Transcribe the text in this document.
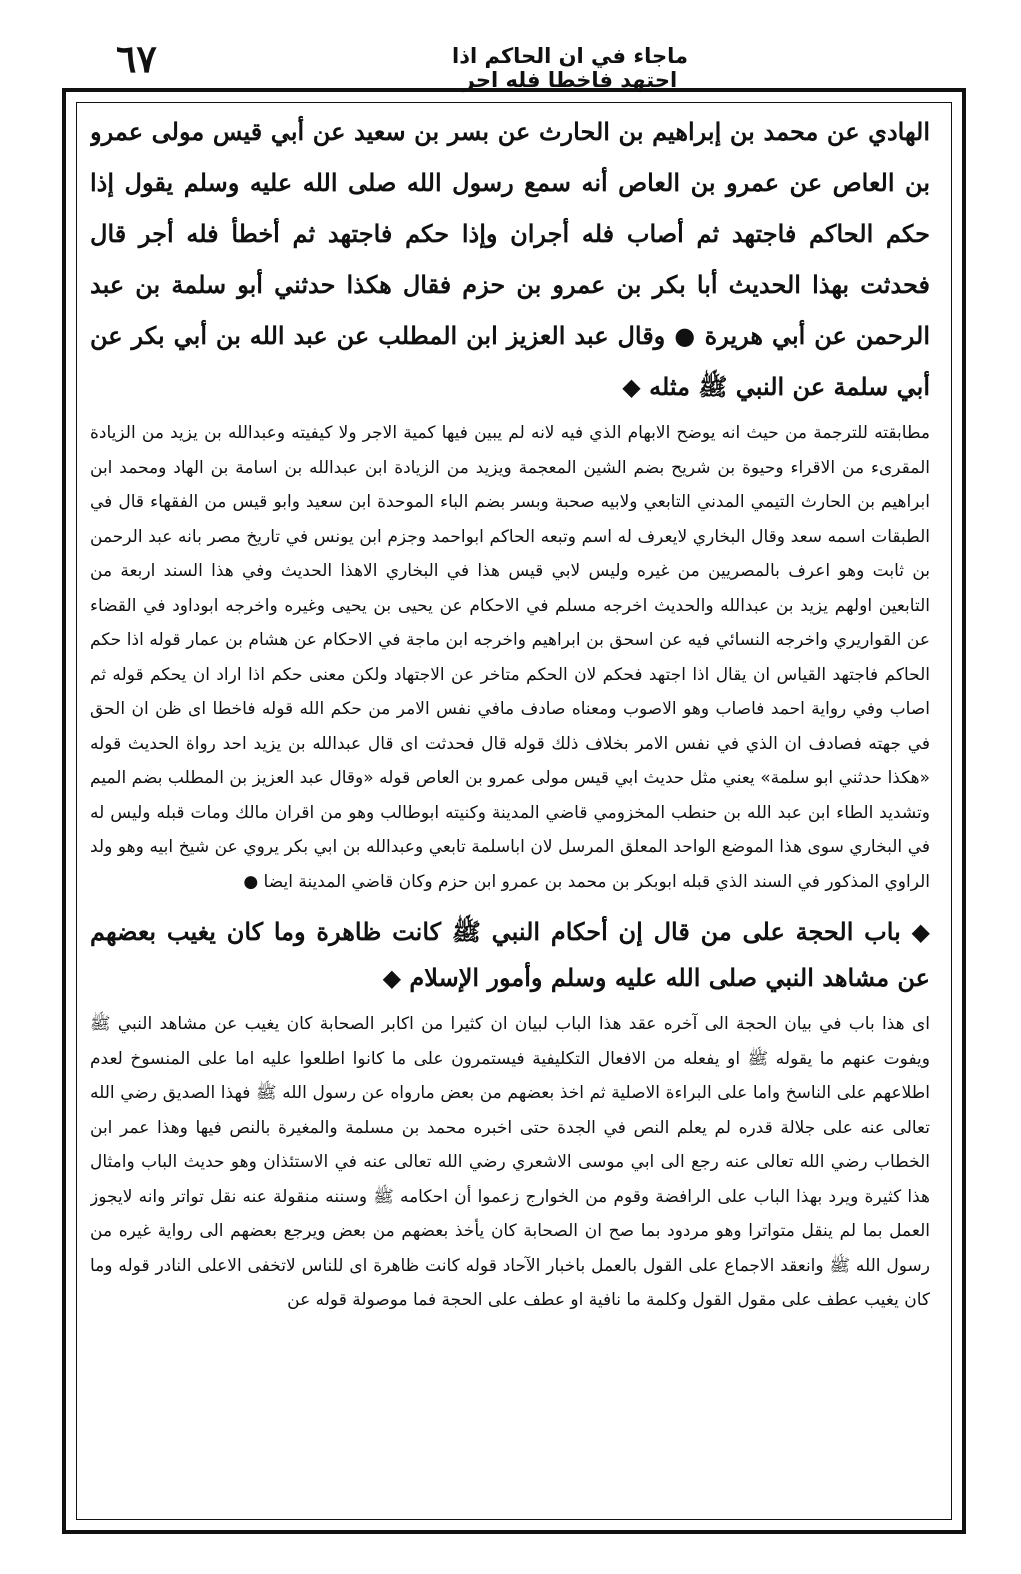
٦٧	ماجاء في ان الحاكم اذا اجتهد فاخطا فله اجر

الهادي عن محمد بن إبراهيم بن الحارث عن بسر بن سعيد عن أبي قيس مولى عمرو بن العاص عن عمرو بن العاص أنه سمع رسول الله صلى الله عليه وسلم يقول إذا حكم الحاكم فاجتهد ثم أصاب فله أجران وإذا حكم فاجتهد ثم أخطأ فله أجر قال فحدثت بهذا الحديث أبا بكر بن عمرو بن حزم فقال هكذا حدثني أبو سلمة بن عبد الرحمن عن أبي هريرة ● وقال عبد العزيز ابن المطلب عن عبد الله بن أبي بكر عن أبي سلمة عن النبي ﷺ مثله ◆

مطابقته للترجمة من حيث انه يوضح الابهام الذي فيه لانه لم يبين فيها كمية الاجر ولا كيفيته وعبدالله بن يزيد من الزيادة المقرىء من الاقراء وحيوة بن شريح بضم الشين المعجمة ويزيد من الزيادة ابن عبدالله بن اسامة بن الهاد ومحمد ابن ابراهيم بن الحارث التيمي المدني التابعي ولابيه صحبة وبسر بضم الباء الموحدة ابن سعيد وابو قيس من الفقهاء قال في الطبقات اسمه سعد وقال البخاري لايعرف له اسم وتبعه الحاكم ابواحمد وجزم ابن يونس في تاريخ مصر بانه عبد الرحمن بن ثابت وهو اعرف بالمصريين من غيره وليس لابي قيس هذا في البخاري الاهذا الحديث وفي هذا السند اربعة من التابعين اولهم يزيد بن عبدالله والحديث اخرجه مسلم في الاحكام عن يحيى بن يحيى وغيره واخرجه ابوداود في القضاء عن القواريري واخرجه النسائي فيه عن اسحق بن ابراهيم واخرجه ابن ماجة في الاحكام عن هشام بن عمار قوله اذا حكم الحاكم فاجتهد القياس ان يقال اذا اجتهد فحكم لان الحكم متاخر عن الاجتهاد ولكن معنى حكم اذا اراد ان يحكم قوله ثم اصاب وفي رواية احمد فاصاب وهو الاصوب ومعناه صادف مافي نفس الامر من حكم الله قوله فاخطا اى ظن ان الحق في جهته فصادف ان الذي في نفس الامر بخلاف ذلك قوله قال فحدثت اى قال عبدالله بن يزيد احد رواة الحديث قوله «هكذا حدثني ابو سلمة» يعني مثل حديث ابي قيس مولى عمرو بن العاص قوله «وقال عبد العزيز بن المطلب بضم الميم وتشديد الطاء ابن عبد الله بن حنطب المخزومي قاضي المدينة وكنيته ابوطالب وهو من اقران مالك ومات قبله وليس له في البخاري سوى هذا الموضع الواحد المعلق المرسل لان اباسلمة تابعي وعبدالله بن ابي بكر يروي عن شيخ ابيه وهو ولد الراوي المذكور في السند الذي قبله ابوبكر بن محمد بن عمرو ابن حزم وكان قاضي المدينة ايضا ●

◆ باب الحجة على من قال إن أحكام النبي ﷺ كانت ظاهرة وما كان يغيب بعضهم عن مشاهد النبي صلى الله عليه وسلم وأمور الإسلام ◆

اى هذا باب في بيان الحجة الى آخره عقد هذا الباب لبيان ان كثيرا من اكابر الصحابة كان يغيب عن مشاهد النبي ﷺ ويفوت عنهم ما يقوله ﷺ او يفعله من الافعال التكليفية فيستمرون على ما كانوا اطلعوا عليه اما على المنسوخ لعدم اطلاعهم على الناسخ واما على البراءة الاصلية ثم اخذ بعضهم من بعض مارواه عن رسول الله ﷺ فهذا الصديق رضي الله تعالى عنه على جلالة قدره لم يعلم النص في الجدة حتى اخبره محمد بن مسلمة والمغيرة بالنص فيها وهذا عمر ابن الخطاب رضي الله تعالى عنه رجع الى ابي موسى الاشعري رضي الله تعالى عنه في الاستئذان وهو حديث الباب وامثال هذا كثيرة ويرد بهذا الباب على الرافضة وقوم من الخوارج زعموا أن احكامه ﷺ وسننه منقولة عنه نقل تواتر وانه لايجوز العمل بما لم ينقل متواترا وهو مردود بما صح ان الصحابة كان يأخذ بعضهم من بعض ويرجع بعضهم الى رواية غيره من رسول الله ﷺ وانعقد الاجماع على القول بالعمل باخبار الآحاد قوله كانت ظاهرة اى للناس لاتخفى الاعلى النادر قوله وما كان يغيب عطف على مقول القول وكلمة ما نافية او عطف على الحجة فما موصولة قوله عن
